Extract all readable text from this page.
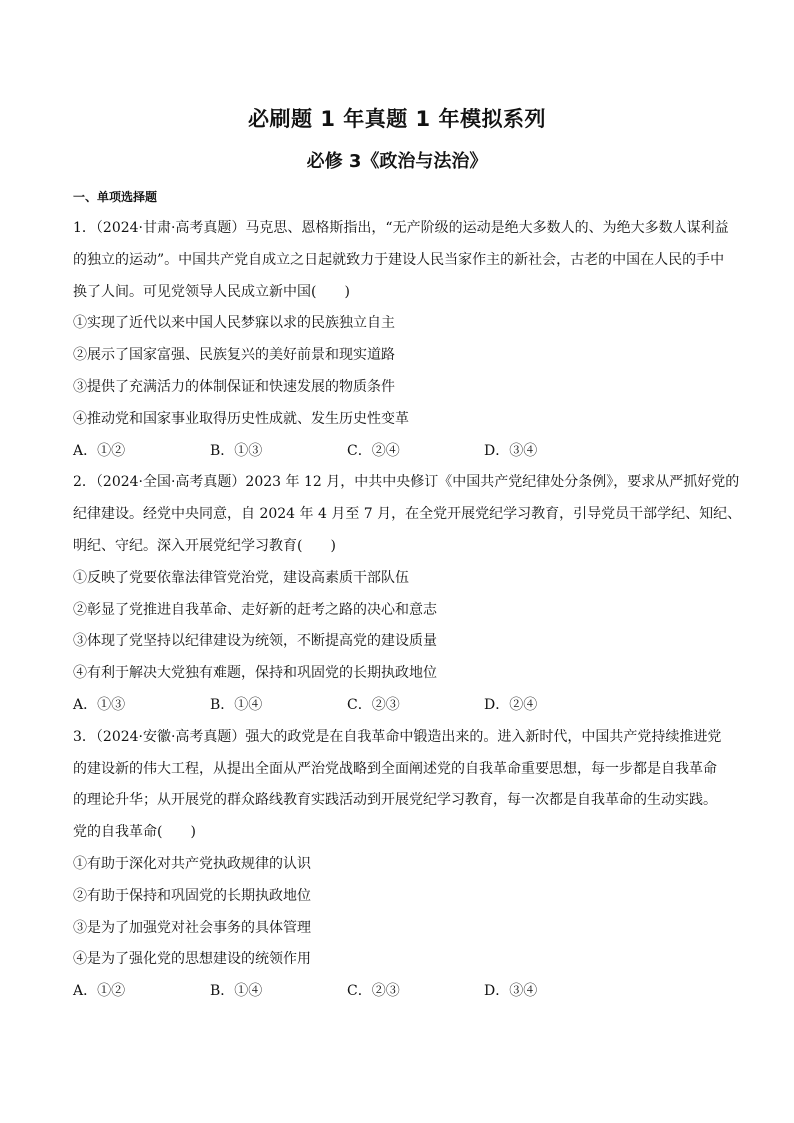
必刷题 1 年真题 1 年模拟系列
必修 3《政治与法治》
一、单项选择题
1．（2024·甘肃·高考真题）马克思、恩格斯指出，“无产阶级的运动是绝大多数人的、为绝大多数人谋利益
的独立的运动”。中国共产党自成立之日起就致力于建设人民当家作主的新社会，古老的中国在人民的手中
换了人间。可见党领导人民成立新中国(　　)
①实现了近代以来中国人民梦寐以求的民族独立自主
②展示了国家富强、民族复兴的美好前景和现实道路
③提供了充满活力的体制保证和快速发展的物质条件
④推动党和国家事业取得历史性成就、发生历史性变革
A．①②	B．①③	C．②④	D．③④
2．（2024·全国·高考真题）2023 年 12 月，中共中央修订《中国共产党纪律处分条例》，要求从严抓好党的
纪律建设。经党中央同意，自 2024 年 4 月至 7 月，在全党开展党纪学习教育，引导党员干部学纪、知纪、
明纪、守纪。深入开展党纪学习教育(　　)
①反映了党要依靠法律管党治党，建设高素质干部队伍
②彰显了党推进自我革命、走好新的赶考之路的决心和意志
③体现了党坚持以纪律建设为统领，不断提高党的建设质量
④有利于解决大党独有难题，保持和巩固党的长期执政地位
A．①③	B．①④	C．②③	D．②④
3．（2024·安徽·高考真题）强大的政党是在自我革命中锻造出来的。进入新时代，中国共产党持续推进党
的建设新的伟大工程，从提出全面从严治党战略到全面阐述党的自我革命重要思想，每一步都是自我革命
的理论升华；从开展党的群众路线教育实践活动到开展党纪学习教育，每一次都是自我革命的生动实践。
党的自我革命(　　)
①有助于深化对共产党执政规律的认识
②有助于保持和巩固党的长期执政地位
③是为了加强党对社会事务的具体管理
④是为了强化党的思想建设的统领作用
A．①②	B．①④	C．②③	D．③④
